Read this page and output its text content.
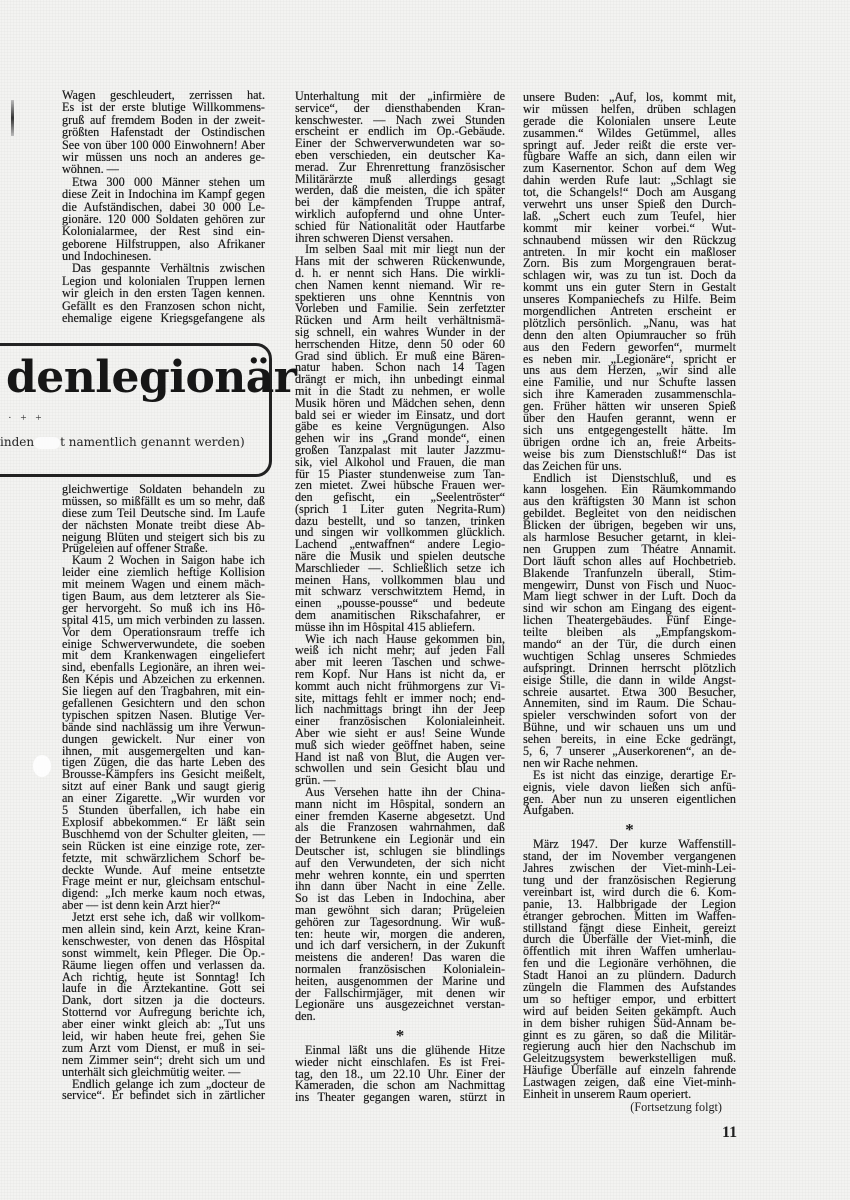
denlegionär
· + +
inden t namentlich genannt werden)
Wagen geschleudert, zerrissen hat.
Es ist der erste blutige Willkommens-
gruß auf fremdem Boden in der zweit-
größten Hafenstadt der Ostindischen
See von über 100 000 Einwohnern! Aber
wir müssen uns noch an anderes ge-
wöhnen. —
Etwa 300 000 Männer stehen um
diese Zeit in Indochina im Kampf gegen
die Aufständischen, dabei 30 000 Le-
gionäre. 120 000 Soldaten gehören zur
Kolonialarmee, der Rest sind ein-
geborene Hilfstruppen, also Afrikaner
und Indochinesen.
Das gespannte Verhältnis zwischen
Legion und kolonialen Truppen lernen
wir gleich in den ersten Tagen kennen.
Gefällt es den Franzosen schon nicht,
ehemalige eigene Kriegsgefangene als
gleichwertige Soldaten behandeln zu
müssen, so mißfällt es um so mehr, daß
diese zum Teil Deutsche sind. Im Laufe
der nächsten Monate treibt diese Ab-
neigung Blüten und steigert sich bis zu
Prügeleien auf offener Straße.
Kaum 2 Wochen in Saigon habe ich
leider eine ziemlich heftige Kollision
mit meinem Wagen und einem mäch-
tigen Baum, aus dem letzterer als Sie-
ger hervorgeht. So muß ich ins Hô-
spital 415, um mich verbinden zu lassen.
Vor dem Operationsraum treffe ich
einige Schwerverwundete, die soeben
mit dem Krankenwagen eingeliefert
sind, ebenfalls Legionäre, an ihren wei-
ßen Képis und Abzeichen zu erkennen.
Sie liegen auf den Tragbahren, mit ein-
gefallenen Gesichtern und den schon
typischen spitzen Nasen. Blutige Ver-
bände sind nachlässig um ihre Verwun-
dungen gewickelt. Nur einer von
ihnen, mit ausgemergelten und kan-
tigen Zügen, die das harte Leben des
Brousse-Kämpfers ins Gesicht meißelt,
sitzt auf einer Bank und saugt gierig
an einer Zigarette. „Wir wurden vor
5 Stunden überfallen, ich habe ein
Explosif abbekommen.“ Er läßt sein
Buschhemd von der Schulter gleiten, —
sein Rücken ist eine einzige rote, zer-
fetzte, mit schwärzlichem Schorf be-
deckte Wunde. Auf meine entsetzte
Frage meint er nur, gleichsam entschul-
digend: „Ich merke kaum noch etwas,
aber — ist denn kein Arzt hier?“
Jetzt erst sehe ich, daß wir vollkom-
men allein sind, kein Arzt, keine Kran-
kenschwester, von denen das Hôspital
sonst wimmelt, kein Pfleger. Die Op.-
Räume liegen offen und verlassen da.
Ach richtig, heute ist Sonntag! Ich
laufe in die Ärztekantine. Gott sei
Dank, dort sitzen ja die docteurs.
Stotternd vor Aufregung berichte ich,
aber einer winkt gleich ab: „Tut uns
leid, wir haben heute frei, gehen Sie
zum Arzt vom Dienst, er muß in sei-
nem Zimmer sein“; dreht sich um und
unterhält sich gleichmütig weiter. —
Endlich gelange ich zum „docteur de
service“. Er befindet sich in zärtlicher
Unterhaltung mit der „infirmière de
service“, der diensthabenden Kran-
kenschwester. — Nach zwei Stunden
erscheint er endlich im Op.-Gebäude.
Einer der Schwerverwundeten war so-
eben verschieden, ein deutscher Ka-
merad. Zur Ehrenrettung französischer
Militärärzte muß allerdings gesagt
werden, daß die meisten, die ich später
bei der kämpfenden Truppe antraf,
wirklich aufopfernd und ohne Unter-
schied für Nationalität oder Hautfarbe
ihren schweren Dienst versahen.
Im selben Saal mit mir liegt nun der
Hans mit der schweren Rückenwunde,
d. h. er nennt sich Hans. Die wirkli-
chen Namen kennt niemand. Wir re-
spektieren uns ohne Kenntnis von
Vorleben und Familie. Sein zerfetzter
Rücken und Arm heilt verhältnismä-
sig schnell, ein wahres Wunder in der
herrschenden Hitze, denn 50 oder 60
Grad sind üblich. Er muß eine Bären-
natur haben. Schon nach 14 Tagen
drängt er mich, ihn unbedingt einmal
mit in die Stadt zu nehmen, er wolle
Musik hören und Mädchen sehen, denn
bald sei er wieder im Einsatz, und dort
gäbe es keine Vergnügungen. Also
gehen wir ins „Grand monde“, einen
großen Tanzpalast mit lauter Jazzmu-
sik, viel Alkohol und Frauen, die man
für 15 Piaster stundenweise zum Tan-
zen mietet. Zwei hübsche Frauen wer-
den gefischt, ein „Seelentröster“
(sprich 1 Liter guten Negrita-Rum)
dazu bestellt, und so tanzen, trinken
und singen wir vollkommen glücklich.
Lachend „entwaffnen“ andere Legio-
näre die Musik und spielen deutsche
Marschlieder —. Schließlich setze ich
meinen Hans, vollkommen blau und
mit schwarz verschwitztem Hemd, in
einen „pousse-pousse“ und bedeute
dem anamitischen Rikschafahrer, er
müsse ihn im Hôspital 415 abliefern.
Wie ich nach Hause gekommen bin,
weiß ich nicht mehr; auf jeden Fall
aber mit leeren Taschen und schwe-
rem Kopf. Nur Hans ist nicht da, er
kommt auch nicht frühmorgens zur Vi-
site, mittags fehlt er immer noch; end-
lich nachmittags bringt ihn der Jeep
einer französischen Kolonialeinheit.
Aber wie sieht er aus! Seine Wunde
muß sich wieder geöffnet haben, seine
Hand ist naß von Blut, die Augen ver-
schwollen und sein Gesicht blau und
grün. —
Aus Versehen hatte ihn der China-
mann nicht im Hôspital, sondern an
einer fremden Kaserne abgesetzt. Und
als die Franzosen wahrnahmen, daß
der Betrunkene ein Legionär und ein
Deutscher ist, schlugen sie blindlings
auf den Verwundeten, der sich nicht
mehr wehren konnte, ein und sperrten
ihn dann über Nacht in eine Zelle.
So ist das Leben in Indochina, aber
man gewöhnt sich daran; Prügeleien
gehören zur Tagesordnung. Wir wuß-
ten: heute wir, morgen die anderen,
und ich darf versichern, in der Zukunft
meistens die anderen! Das waren die
normalen französischen Kolonialein-
heiten, ausgenommen der Marine und
der Fallschirmjäger, mit denen wir
Legionäre uns ausgezeichnet verstan-
den.
*
Einmal läßt uns die glühende Hitze
wieder nicht einschlafen. Es ist Frei-
tag, den 18., um 22.10 Uhr. Einer der
Kameraden, die schon am Nachmittag
ins Theater gegangen waren, stürzt in
unsere Buden: „Auf, los, kommt mit,
wir müssen helfen, drüben schlagen
gerade die Kolonialen unsere Leute
zusammen.“ Wildes Getümmel, alles
springt auf. Jeder reißt die erste ver-
fügbare Waffe an sich, dann eilen wir
zum Kasernentor. Schon auf dem Weg
dahin werden Rufe laut: „Schlagt sie
tot, die Schangels!“ Doch am Ausgang
verwehrt uns unser Spieß den Durch-
laß. „Schert euch zum Teufel, hier
kommt mir keiner vorbei.“ Wut-
schnaubend müssen wir den Rückzug
antreten. In mir kocht ein maßloser
Zorn. Bis zum Morgengrauen berat-
schlagen wir, was zu tun ist. Doch da
kommt uns ein guter Stern in Gestalt
unseres Kompaniechefs zu Hilfe. Beim
morgendlichen Antreten erscheint er
plötzlich persönlich. „Nanu, was hat
denn den alten Opiumraucher so früh
aus den Federn geworfen“, murmelt
es neben mir. „Legionäre“, spricht er
uns aus dem Herzen, „wir sind alle
eine Familie, und nur Schufte lassen
sich ihre Kameraden zusammenschla-
gen. Früher hätten wir unseren Spieß
über den Haufen gerannt, wenn er
sich uns entgegengestellt hätte. Im
übrigen ordne ich an, freie Arbeits-
weise bis zum Dienstschluß!“ Das ist
das Zeichen für uns.
Endlich ist Dienstschluß, und es
kann losgehen. Ein Räumkommando
aus den kräftigsten 30 Mann ist schon
gebildet. Begleitet von den neidischen
Blicken der übrigen, begeben wir uns,
als harmlose Besucher getarnt, in klei-
nen Gruppen zum Théatre Annamit.
Dort läuft schon alles auf Hochbetrieb.
Blakende Tranfunzeln überall, Stim-
mengewirr, Dunst von Fisch und Nuoc-
Mam liegt schwer in der Luft. Doch da
sind wir schon am Eingang des eigent-
lichen Theatergebäudes. Fünf Einge-
teilte bleiben als „Empfangskom-
mando“ an der Tür, die durch einen
wuchtigen Schlag unseres Schmiedes
aufspringt. Drinnen herrscht plötzlich
eisige Stille, die dann in wilde Angst-
schreie ausartet. Etwa 300 Besucher,
Annemiten, sind im Raum. Die Schau-
spieler verschwinden sofort von der
Bühne, und wir schauen uns um und
sehen bereits, in eine Ecke gedrängt,
5, 6, 7 unserer „Auserkorenen“, an de-
nen wir Rache nehmen.
Es ist nicht das einzige, derartige Er-
eignis, viele davon ließen sich anfü-
gen. Aber nun zu unseren eigentlichen
Aufgaben.
*
März 1947. Der kurze Waffenstill-
stand, der im November vergangenen
Jahres zwischen der Viet-minh-Lei-
tung und der französischen Regierung
vereinbart ist, wird durch die 6. Kom-
panie, 13. Halbbrigade der Legion
étranger gebrochen. Mitten im Waffen-
stillstand fängt diese Einheit, gereizt
durch die Überfälle der Viet-minh, die
öffentlich mit ihren Waffen umherlau-
fen und die Legionäre verhöhnen, die
Stadt Hanoi an zu plündern. Dadurch
züngeln die Flammen des Aufstandes
um so heftiger empor, und erbittert
wird auf beiden Seiten gekämpft. Auch
in dem bisher ruhigen Süd-Annam be-
ginnt es zu gären, so daß die Militär-
regierung auch hier den Nachschub im
Geleitzugsystem bewerkstelligen muß.
Häufige Überfälle auf einzeln fahrende
Lastwagen zeigen, daß eine Viet-minh-
Einheit in unserem Raum operiert.
(Fortsetzung folgt)
11
